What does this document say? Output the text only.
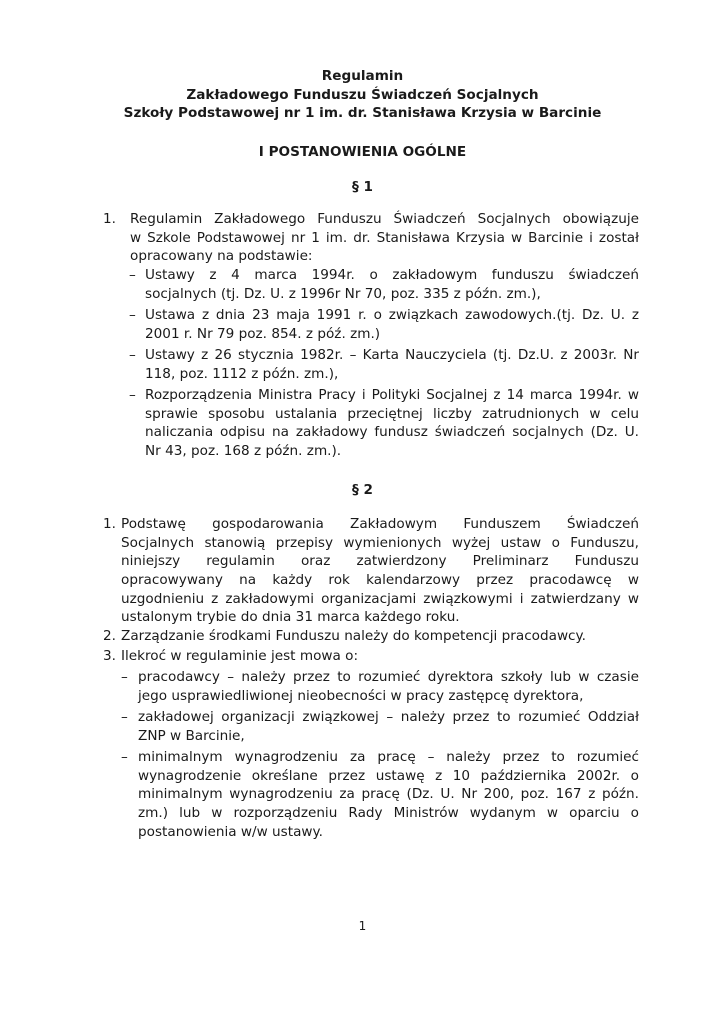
Regulamin
Zakładowego Funduszu Świadczeń Socjalnych
Szkoły Podstawowej nr 1 im. dr. Stanisława Krzysia w Barcinie
I POSTANOWIENIA OGÓLNE
§ 1
1. Regulamin Zakładowego Funduszu Świadczeń Socjalnych obowiązuje
w Szkole Podstawowej nr 1 im. dr. Stanisława Krzysia w Barcinie i został
opracowany na podstawie:
– Ustawy z 4 marca 1994r. o zakładowym funduszu świadczeń
socjalnych (tj. Dz. U. z 1996r Nr 70, poz. 335 z późn. zm.),
– Ustawa z dnia 23 maja 1991 r. o związkach zawodowych.(tj. Dz. U. z
2001 r. Nr 79 poz. 854. z póź. zm.)
– Ustawy z 26 stycznia 1982r. – Karta Nauczyciela (tj. Dz.U. z 2003r. Nr
118, poz. 1112 z późn. zm.),
– Rozporządzenia Ministra Pracy i Polityki Socjalnej z 14 marca 1994r. w
sprawie sposobu ustalania przeciętnej liczby zatrudnionych w celu
naliczania odpisu na zakładowy fundusz świadczeń socjalnych (Dz. U.
Nr 43, poz. 168 z późn. zm.).
§ 2
1. Podstawę gospodarowania Zakładowym Funduszem Świadczeń
Socjalnych stanowią przepisy wymienionych wyżej ustaw o Funduszu,
niniejszy regulamin oraz zatwierdzony Preliminarz Funduszu
opracowywany na każdy rok kalendarzowy przez pracodawcę w
uzgodnieniu z zakładowymi organizacjami związkowymi i zatwierdzany w
ustalonym trybie do dnia 31 marca każdego roku.
2. Zarządzanie środkami Funduszu należy do kompetencji pracodawcy.
3. Ilekroć w regulaminie jest mowa o:
– pracodawcy – należy przez to rozumieć dyrektora szkoły lub w czasie
jego usprawiedliwionej nieobecności w pracy zastępcę dyrektora,
– zakładowej organizacji związkowej – należy przez to rozumieć Oddział
ZNP w Barcinie,
– minimalnym wynagrodzeniu za pracę – należy przez to rozumieć
wynagrodzenie określane przez ustawę z 10 października 2002r. o
minimalnym wynagrodzeniu za pracę (Dz. U. Nr 200, poz. 167 z późn.
zm.) lub w rozporządzeniu Rady Ministrów wydanym w oparciu o
postanowienia w/w ustawy.
1
